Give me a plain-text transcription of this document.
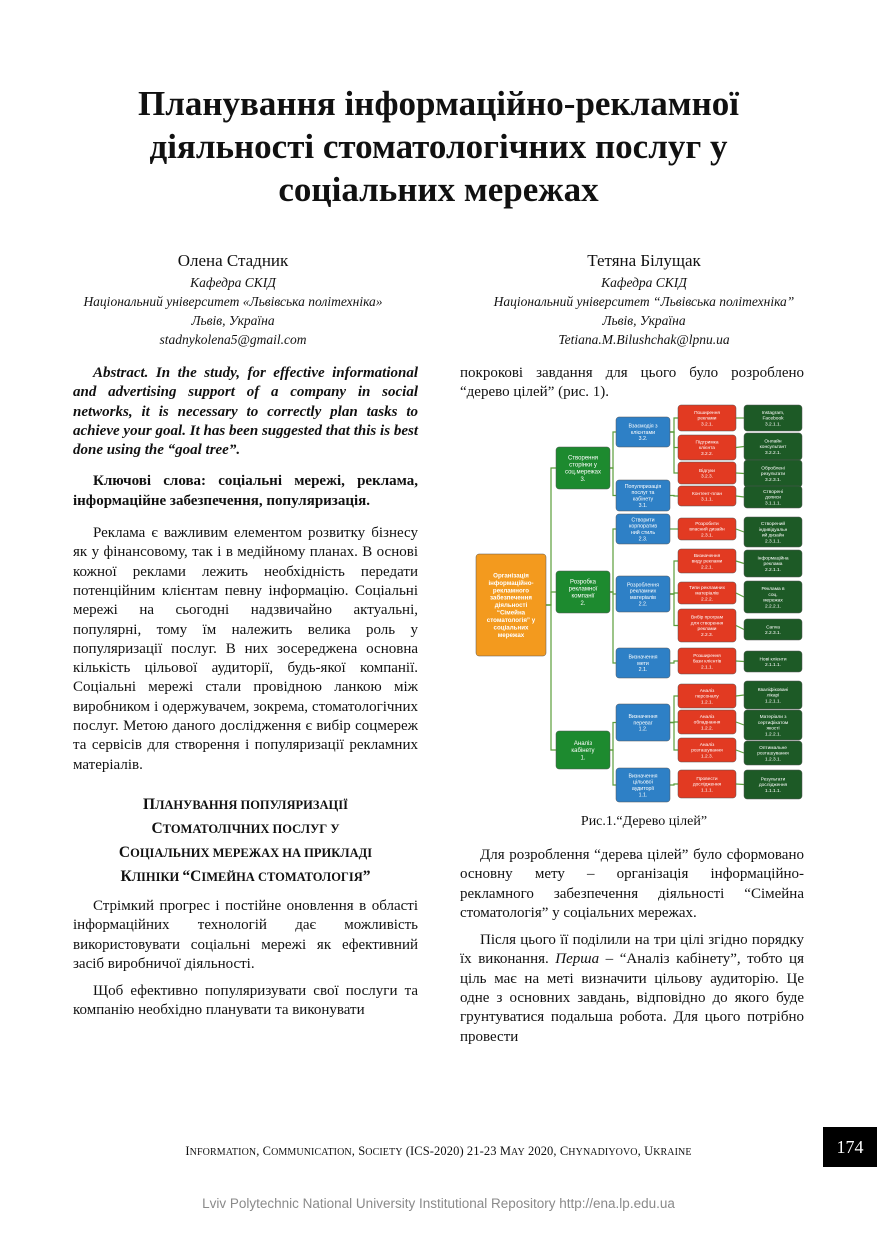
Планування інформаційно-рекламної
діяльності стоматологічних послуг у
соціальних мережах
Олена Стадник
Кафедра СКІД
Національний університет «Львівська політехніка»
Львів, Україна
stadnykolena5@gmail.com
Тетяна Білущак
Кафедра СКІД
Національний університет “Львівська політехніка”
Львів, Україна
Tetiana.M.Bilushchak@lpnu.ua

Abstract. In the study, for effective informational and advertising support of a company in social networks, it is necessary to correctly plan tasks to achieve your goal. It has been suggested that this is best done using the “goal tree”.

Ключові слова: соціальні мережі, реклама, інформаційне забезпечення, популяризація.

Реклама є важливим елементом розвитку бізнесу як у фінансовому, так і в медійному планах. В основі кожної реклами лежить необхідність передати потенційним клієнтам певну інформацію. Соціальні мережі на сьогодні надзвичайно актуальні, популярні, тому їм належить велика роль у популяризації послуг. В них зосереджена основна кількість цільової аудиторії, будь-якої компанії. Соціальні мережі стали провідною ланкою між виробником і одержувачем, зокрема, стоматологічних послуг. Метою даного дослідження є вибір соцмереж та сервісів для створення і популяризації рекламних матеріалів.

ПЛАНУВАННЯ ПОПУЛЯРИЗАЦІЇ
СТОМАТОЛІЧНИХ ПОСЛУГ У
СОЦІАЛЬНИХ МЕРЕЖАХ НА ПРИКЛАДІ
КЛІНІКИ “СІМЕЙНА СТОМАТОЛОГІЯ”

Стрімкий прогрес і постійне оновлення в області інформаційних технологій дає можливість використовувати соціальні мережі як ефективний засіб виробничої діяльності.

Щоб ефективно популяризувати свої послуги та компанію необхідно планувати та виконувати

покрокові завдання для цього було розроблено “дерево цілей” (рис. 1).

Організація
інформаційно-
рекламного
забезпечення
діяльності
“Сімейна
стоматологія” у
соціальних
мережах
Створення
сторінки у
соц.мережах
3.
Розробка
рекламної
компанії
2.
Аналіз
кабінету
1.
Взаємодія з
клієнтами
3.2.
Популяризація
послуг та
кабінету
3.1.
Створити
корпоратив
ний стиль
2.3.
Розроблення
рекламних
матеріалів
2.2.
Визначення
мети
2.1.
Визначення
переваг
1.2.
Визначення
цільової
аудиторії
1.1.
Поширення
реклами
3.2.1.
Підтримка
клієнта
3.2.2.
Відгуки
3.2.3.
Контент-план
3.1.1.
Розробити
власний дизайн
2.3.1.
Визначення
виду реклами
2.2.1.
Типи рекламних
матеріалів
2.2.2.
Вибір програм
для створення
реклами
2.2.3.
Розширення
бази клієнтів
2.1.1.
Аналіз
персоналу
1.2.1.
Аналіз
обладнання
1.2.2.
Аналіз
розташування
1.2.3.
Провести
дослідження
1.1.1.
Instagram,
Facebook
3.2.1.1.
Онлайн
консультант
3.2.2.1.
Оброблені
результати
3.2.3.1.
Створені
дописи
3.1.1.1.
Створений
індивідуальн
ий дизайн
2.3.1.1.
Інформаційна
реклама
2.2.1.1.
Реклама в
соц.
мережах
2.2.2.1.
Canva
2.2.3.1.
Нові клієнти
2.1.1.1.
Кваліфіковані
лікарі
1.2.1.1.
Матеріали з
сертифікатом
якості
1.2.2.1.
Оптимальне
розташування
1.2.3.1.
Результати
дослідження
1.1.1.1.
Рис.1.“Дерево цілей”

Для розроблення “дерева цілей” було сформовано основну мету – організація інформаційно-рекламного забезпечення діяльності “Сімейна стоматологія” у соціальних мережах.

Після цього її поділили на три цілі згідно порядку їх виконання. Перша – “Аналіз кабінету”, тобто ця ціль має на меті визначити цільову аудиторію. Це одне з основних завдань, відповідно до якого буде грунтуватися подальша робота. Для цього потрібно провести

INFORMATION, COMMUNICATION, SOCIETY (ICS-2020) 21-23 MAY 2020, CHYNADIYOVO, UKRAINE	174
Lviv Polytechnic National University Institutional Repository http://ena.lp.edu.ua
